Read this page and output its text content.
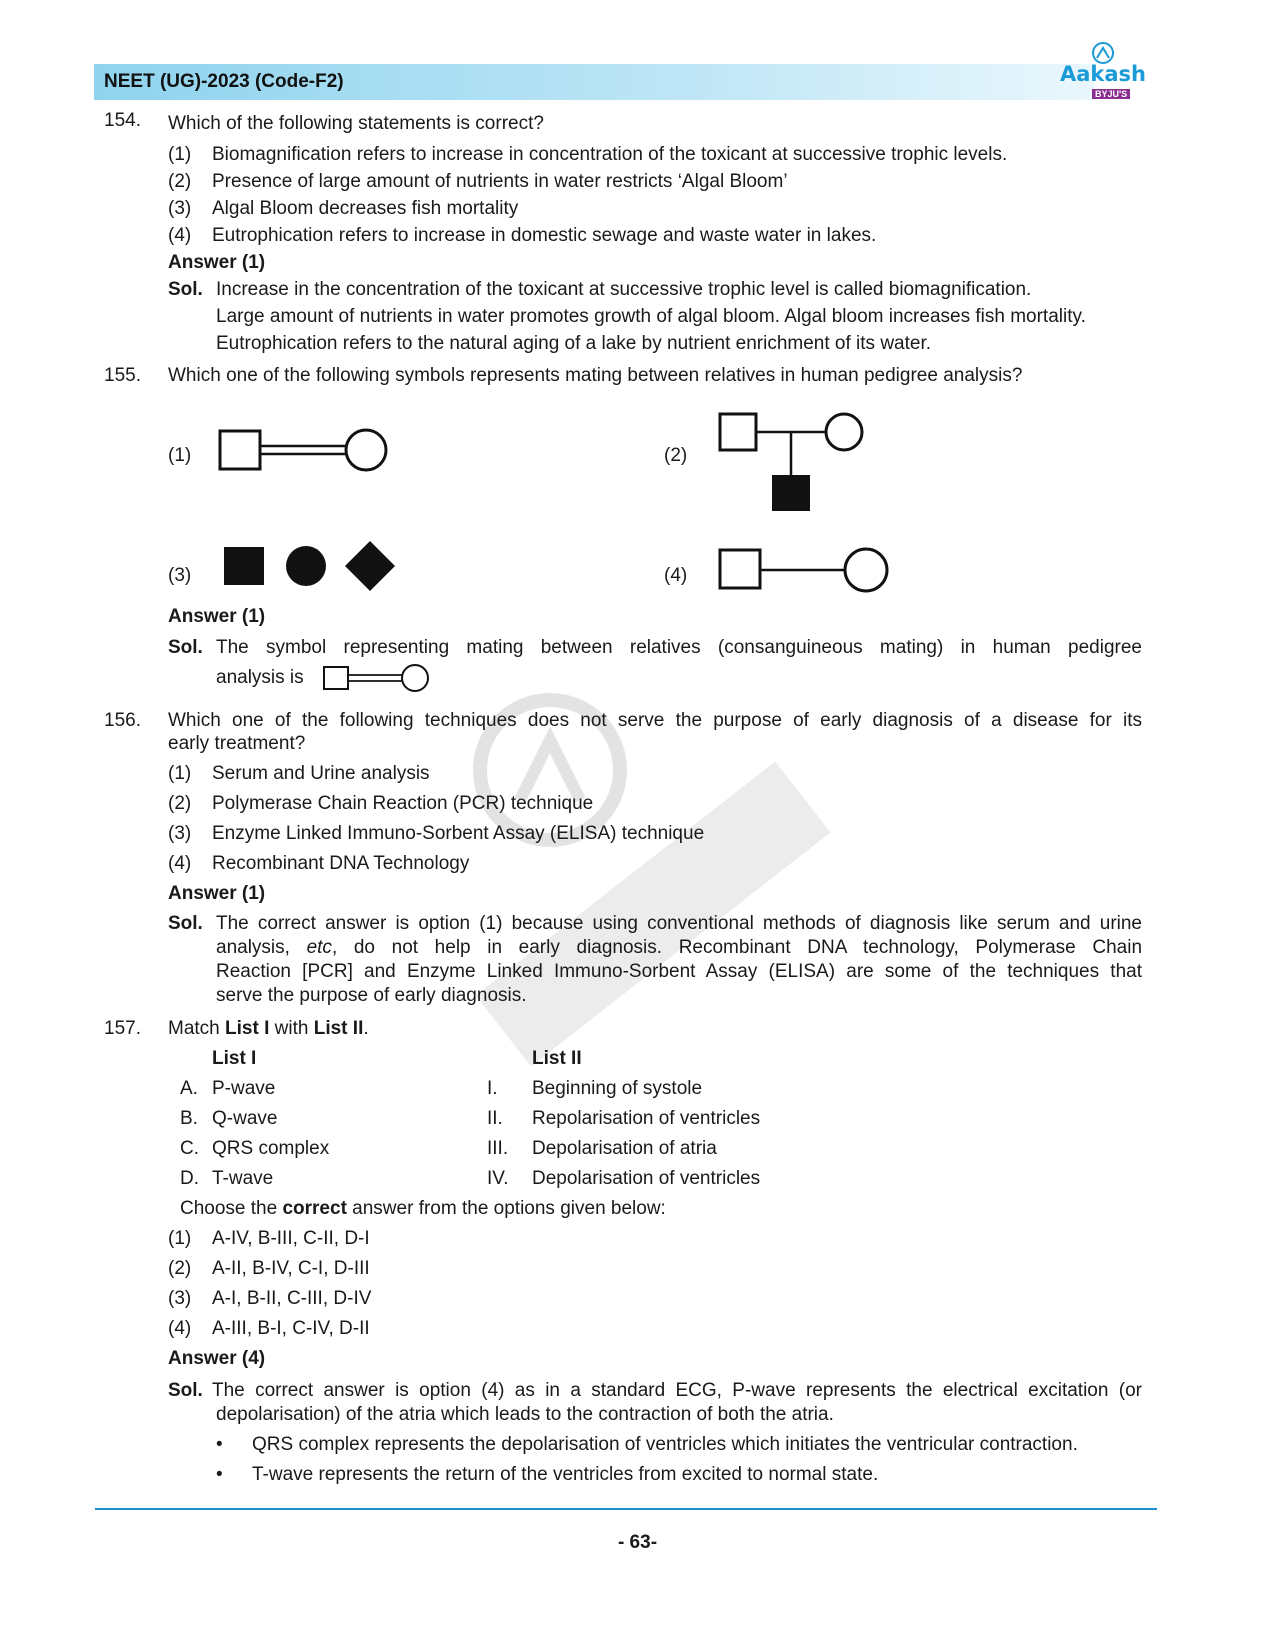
NEET (UG)-2023 (Code-F2)	Aakash
BYJU'S
154. Which of the following statements is correct?
(1) Biomagnification refers to increase in concentration of the toxicant at successive trophic levels.
(2) Presence of large amount of nutrients in water restricts ‘Algal Bloom’
(3) Algal Bloom decreases fish mortality
(4) Eutrophication refers to increase in domestic sewage and waste water in lakes.
Answer (1)
Sol. Increase in the concentration of the toxicant at successive trophic level is called biomagnification.
Large amount of nutrients in water promotes growth of algal bloom. Algal bloom increases fish mortality.
Eutrophication refers to the natural aging of a lake by nutrient enrichment of its water.
155. Which one of the following symbols represents mating between relatives in human pedigree analysis?
(1)	(2)
(3)	(4)
Answer (1)
Sol. The symbol representing mating between relatives (consanguineous mating) in human pedigree
analysis is
156. Which one of the following techniques does not serve the purpose of early diagnosis of a disease for its
early treatment?
(1) Serum and Urine analysis
(2) Polymerase Chain Reaction (PCR) technique
(3) Enzyme Linked Immuno-Sorbent Assay (ELISA) technique
(4) Recombinant DNA Technology
Answer (1)
Sol. The correct answer is option (1) because using conventional methods of diagnosis like serum and urine
analysis, etc, do not help in early diagnosis. Recombinant DNA technology, Polymerase Chain
Reaction [PCR] and Enzyme Linked Immuno-Sorbent Assay (ELISA) are some of the techniques that
serve the purpose of early diagnosis.
157. Match List I with List II.
List I	List II
A. P-wave	I. Beginning of systole
B. Q-wave	II. Repolarisation of ventricles
C. QRS complex	III. Depolarisation of atria
D. T-wave	IV. Depolarisation of ventricles
Choose the correct answer from the options given below:
(1) A-IV, B-III, C-II, D-I
(2) A-II, B-IV, C-I, D-III
(3) A-I, B-II, C-III, D-IV
(4) A-III, B-I, C-IV, D-II
Answer (4)
Sol. The correct answer is option (4) as in a standard ECG, P-wave represents the electrical excitation (or
depolarisation) of the atria which leads to the contraction of both the atria.
• QRS complex represents the depolarisation of ventricles which initiates the ventricular contraction.
• T-wave represents the return of the ventricles from excited to normal state.
- 63-
